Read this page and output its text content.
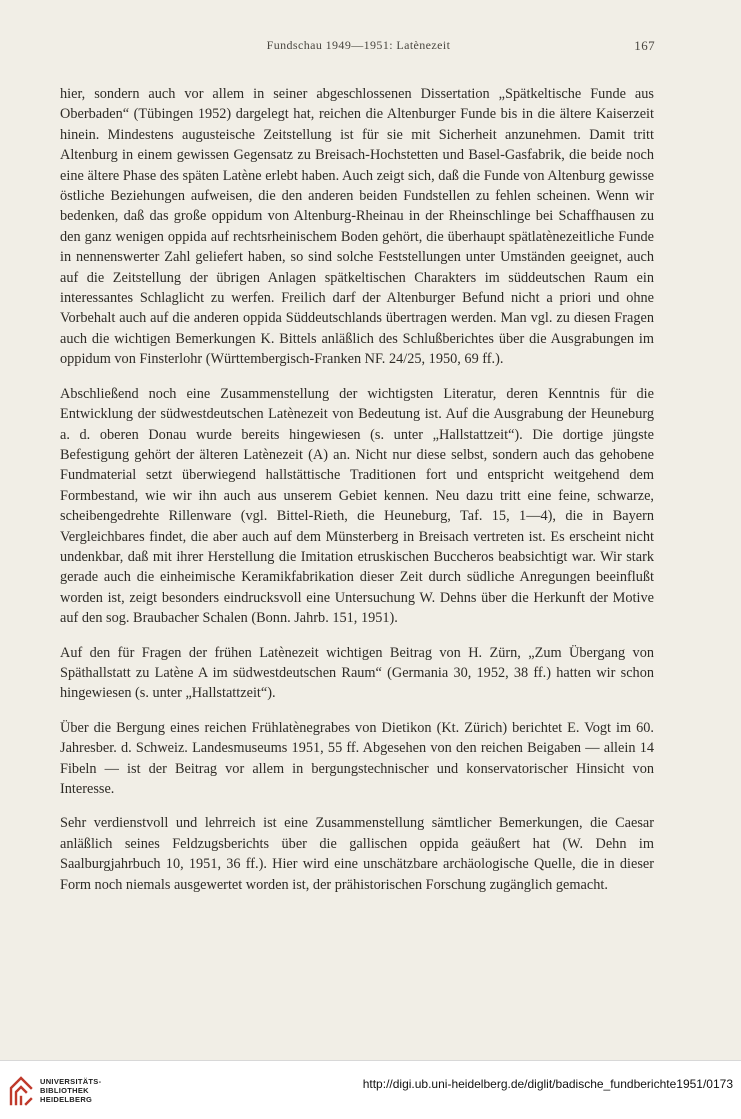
Fundschau 1949—1951: Latènezeit	167

hier, sondern auch vor allem in seiner abgeschlossenen Dissertation „Spätkeltische Funde aus Oberbaden“ (Tübingen 1952) dargelegt hat, reichen die Altenburger Funde bis in die ältere Kaiserzeit hinein. Mindestens augusteische Zeitstellung ist für sie mit Sicherheit anzunehmen. Damit tritt Altenburg in einem gewissen Gegensatz zu Breisach-Hochstetten und Basel-Gasfabrik, die beide noch eine ältere Phase des späten Latène erlebt haben. Auch zeigt sich, daß die Funde von Altenburg gewisse östliche Beziehungen aufweisen, die den anderen beiden Fundstellen zu fehlen scheinen. Wenn wir bedenken, daß das große oppidum von Altenburg-Rheinau in der Rheinschlinge bei Schaffhausen zu den ganz wenigen oppida auf rechtsrheinischem Boden gehört, die überhaupt spätlatènezeitliche Funde in nennenswerter Zahl geliefert haben, so sind solche Feststellungen unter Umständen geeignet, auch auf die Zeitstellung der übrigen Anlagen spätkeltischen Charakters im süddeutschen Raum ein interessantes Schlaglicht zu werfen. Freilich darf der Altenburger Befund nicht a priori und ohne Vorbehalt auch auf die anderen oppida Süddeutschlands übertragen werden. Man vgl. zu diesen Fragen auch die wichtigen Bemerkungen K. Bittels anläßlich des Schlußberichtes über die Ausgrabungen im oppidum von Finsterlohr (Württembergisch-Franken NF. 24/25, 1950, 69 ff.).

Abschließend noch eine Zusammenstellung der wichtigsten Literatur, deren Kenntnis für die Entwicklung der südwestdeutschen Latènezeit von Bedeutung ist. Auf die Ausgrabung der Heuneburg a. d. oberen Donau wurde bereits hingewiesen (s. unter „Hallstattzeit“). Die dortige jüngste Befestigung gehört der älteren Latènezeit (A) an. Nicht nur diese selbst, sondern auch das gehobene Fundmaterial setzt überwiegend hallstättische Traditionen fort und entspricht weitgehend dem Formbestand, wie wir ihn auch aus unserem Gebiet kennen. Neu dazu tritt eine feine, schwarze, scheibengedrehte Rillenware (vgl. Bittel-Rieth, die Heuneburg, Taf. 15, 1—4), die in Bayern Vergleichbares findet, die aber auch auf dem Münsterberg in Breisach vertreten ist. Es erscheint nicht undenkbar, daß mit ihrer Herstellung die Imitation etruskischen Buccheros beabsichtigt war. Wir stark gerade auch die einheimische Keramikfabrikation dieser Zeit durch südliche Anregungen beeinflußt worden ist, zeigt besonders eindrucksvoll eine Untersuchung W. Dehns über die Herkunft der Motive auf den sog. Braubacher Schalen (Bonn. Jahrb. 151, 1951).

Auf den für Fragen der frühen Latènezeit wichtigen Beitrag von H. Zürn, „Zum Übergang von Späthallstatt zu Latène A im südwestdeutschen Raum“ (Germania 30, 1952, 38 ff.) hatten wir schon hingewiesen (s. unter „Hallstattzeit“).

Über die Bergung eines reichen Frühlatènegrabes von Dietikon (Kt. Zürich) berichtet E. Vogt im 60. Jahresber. d. Schweiz. Landesmuseums 1951, 55 ff. Abgesehen von den reichen Beigaben — allein 14 Fibeln — ist der Beitrag vor allem in bergungstechnischer und konservatorischer Hinsicht von Interesse.

Sehr verdienstvoll und lehrreich ist eine Zusammenstellung sämtlicher Bemerkungen, die Caesar anläßlich seines Feldzugsberichts über die gallischen oppida geäußert hat (W. Dehn im Saalburgjahrbuch 10, 1951, 36 ff.). Hier wird eine unschätzbare archäologische Quelle, die in dieser Form noch niemals ausgewertet worden ist, der prähistorischen Forschung zugänglich gemacht.

UNIVERSITÄTS-
BIBLIOTHEK
HEIDELBERG
http://digi.ub.uni-heidelberg.de/diglit/badische_fundberichte1951/0173
